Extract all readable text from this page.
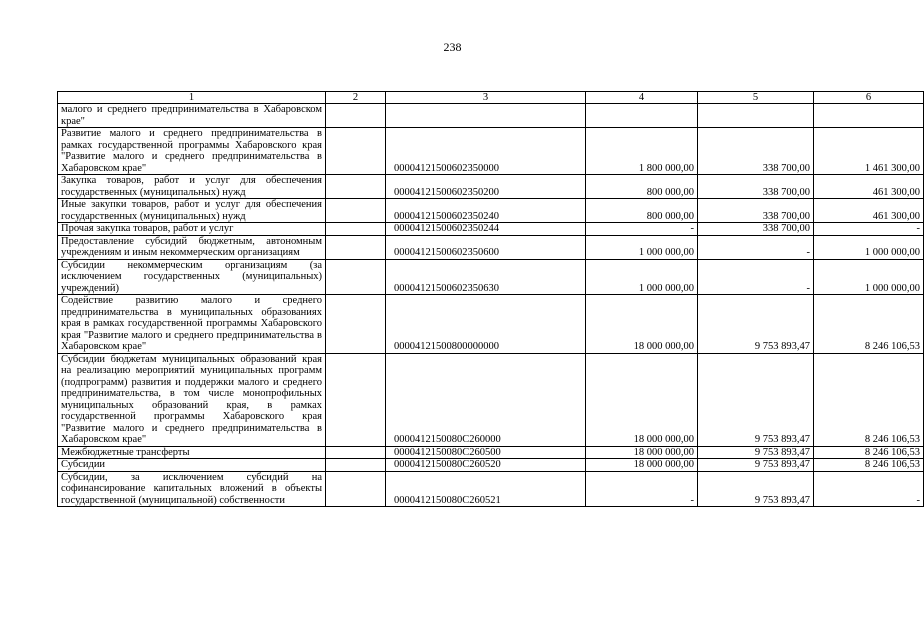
238
1	2	3	4	5	6
малого и среднего предпринимательства в Хабаровском крае"					
Развитие малого и среднего предпринимательства в рамках государственной программы Хабаровского края "Развитие малого и среднего предпринимательства в Хабаровском крае"		00004121500602350000	1 800 000,00	338 700,00	1 461 300,00
Закупка товаров, работ и услуг для обеспечения государственных (муниципальных) нужд		00004121500602350200	800 000,00	338 700,00	461 300,00
Иные закупки товаров, работ и услуг для обеспечения государственных (муниципальных) нужд		00004121500602350240	800 000,00	338 700,00	461 300,00
Прочая закупка товаров, работ и услуг		00004121500602350244	-	338 700,00	-
Предоставление субсидий бюджетным, автономным учреждениям и иным некоммерческим организациям		00004121500602350600	1 000 000,00	-	1 000 000,00
Субсидии некоммерческим организациям (за исключением государственных (муниципальных) учреждений)		00004121500602350630	1 000 000,00	-	1 000 000,00
Содействие развитию малого и среднего предпринимательства в муниципальных образованиях края в рамках государственной программы Хабаровского края "Развитие малого и среднего предпринимательства в Хабаровском крае"		00004121500800000000	18 000 000,00	9 753 893,47	8 246 106,53
Субсидии бюджетам муниципальных образований края на реализацию мероприятий муниципальных программ (подпрограмм) развития и поддержки малого и среднего предпринимательства, в том числе монопрофильных муниципальных образований края, в рамках государственной программы Хабаровского края "Развитие малого и среднего предпринимательства в Хабаровском крае"		0000412150080C260000	18 000 000,00	9 753 893,47	8 246 106,53
Межбюджетные трансферты		0000412150080C260500	18 000 000,00	9 753 893,47	8 246 106,53
Субсидии		0000412150080C260520	18 000 000,00	9 753 893,47	8 246 106,53
Субсидии, за исключением субсидий на софинансирование капитальных вложений в объекты государственной (муниципальной) собственности		0000412150080C260521	-	9 753 893,47	-
